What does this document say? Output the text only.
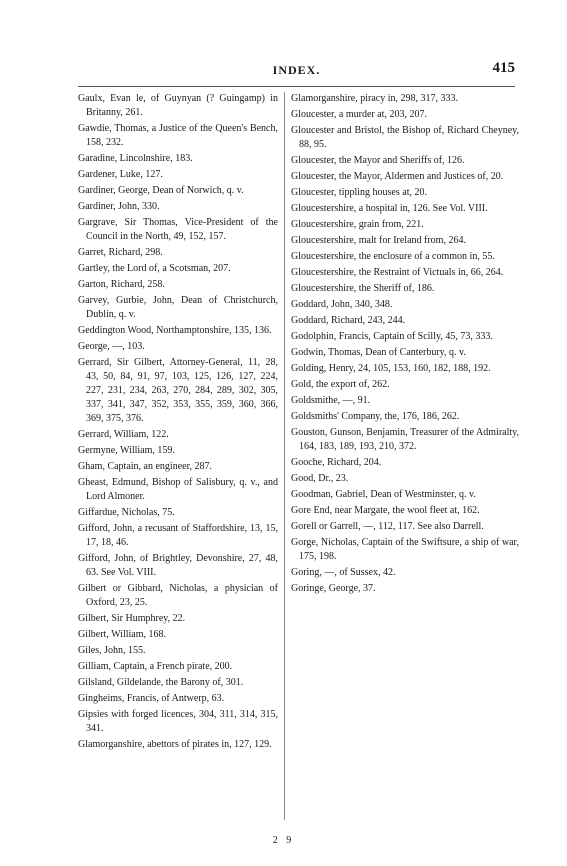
INDEX.	415

Gaulx, Evan le, of Guynyan (? Guingamp) in Britanny, 261.

Gawdie, Thomas, a Justice of the Queen's Bench, 158, 232.

Garadine, Lincolnshire, 183.

Gardener, Luke, 127.

Gardiner, George, Dean of Norwich, q. v.

Gardiner, John, 330.

Gargrave, Sir Thomas, Vice-President of the Council in the North, 49, 152, 157.

Garret, Richard, 298.

Gartley, the Lord of, a Scotsman, 207.

Garton, Richard, 258.

Garvey, Gurbie, John, Dean of Christchurch, Dublin, q. v.

Geddington Wood, Northamptonshire, 135, 136.

George, —, 103.

Gerrard, Sir Gilbert, Attorney-General, 11, 28, 43, 50, 84, 91, 97, 103, 125, 126, 127, 224, 227, 231, 234, 263, 270, 284, 289, 302, 305, 337, 341, 347, 352, 353, 355, 359, 360, 366, 369, 375, 376.

Gerrard, William, 122.

Germyne, William, 159.

Gham, Captain, an engineer, 287.

Gheast, Edmund, Bishop of Salisbury, q. v., and Lord Almoner.

Giffardue, Nicholas, 75.

Gifford, John, a recusant of Staffordshire, 13, 15, 17, 18, 46.

Gifford, John, of Brightley, Devonshire, 27, 48, 63. See Vol. VIII.

Gilbert or Gibbard, Nicholas, a physician of Oxford, 23, 25.

Gilbert, Sir Humphrey, 22.

Gilbert, William, 168.

Giles, John, 155.

Gilliam, Captain, a French pirate, 200.

Gilsland, Gildelande, the Barony of, 301.

Gingheims, Francis, of Antwerp, 63.

Gipsies with forged licences, 304, 311, 314, 315, 341.

Glamorganshire, abettors of pirates in, 127, 129.

Glamorganshire, piracy in, 298, 317, 333.

Gloucester, a murder at, 203, 207.

Gloucester and Bristol, the Bishop of, Richard Cheyney, 88, 95.

Gloucester, the Mayor and Sheriffs of, 126.

Gloucester, the Mayor, Aldermen and Justices of, 20.

Gloucester, tippling houses at, 20.

Gloucestershire, a hospital in, 126. See Vol. VIII.

Gloucestershire, grain from, 221.

Gloucestershire, malt for Ireland from, 264.

Gloucestershire, the enclosure of a common in, 55.

Gloucestershire, the Restraint of Victuals in, 66, 264.

Gloucestershire, the Sheriff of, 186.

Goddard, John, 340, 348.

Goddard, Richard, 243, 244.

Godolphin, Francis, Captain of Scilly, 45, 73, 333.

Godwin, Thomas, Dean of Canterbury, q. v.

Golding, Henry, 24, 105, 153, 160, 182, 188, 192.

Gold, the export of, 262.

Goldsmithe, —, 91.

Goldsmiths' Company, the, 176, 186, 262.

Gouston, Gunson, Benjamin, Treasurer of the Admiralty, 164, 183, 189, 193, 210, 372.

Gooche, Richard, 204.

Good, Dr., 23.

Goodman, Gabriel, Dean of Westminster, q. v.

Gore End, near Margate, the wool fleet at, 162.

Gorell or Garrell, —, 112, 117. See also Darrell.

Gorge, Nicholas, Captain of the Swiftsure, a ship of war, 175, 198.

Goring, —, of Sussex, 42.

Goringe, George, 37.

2 9
